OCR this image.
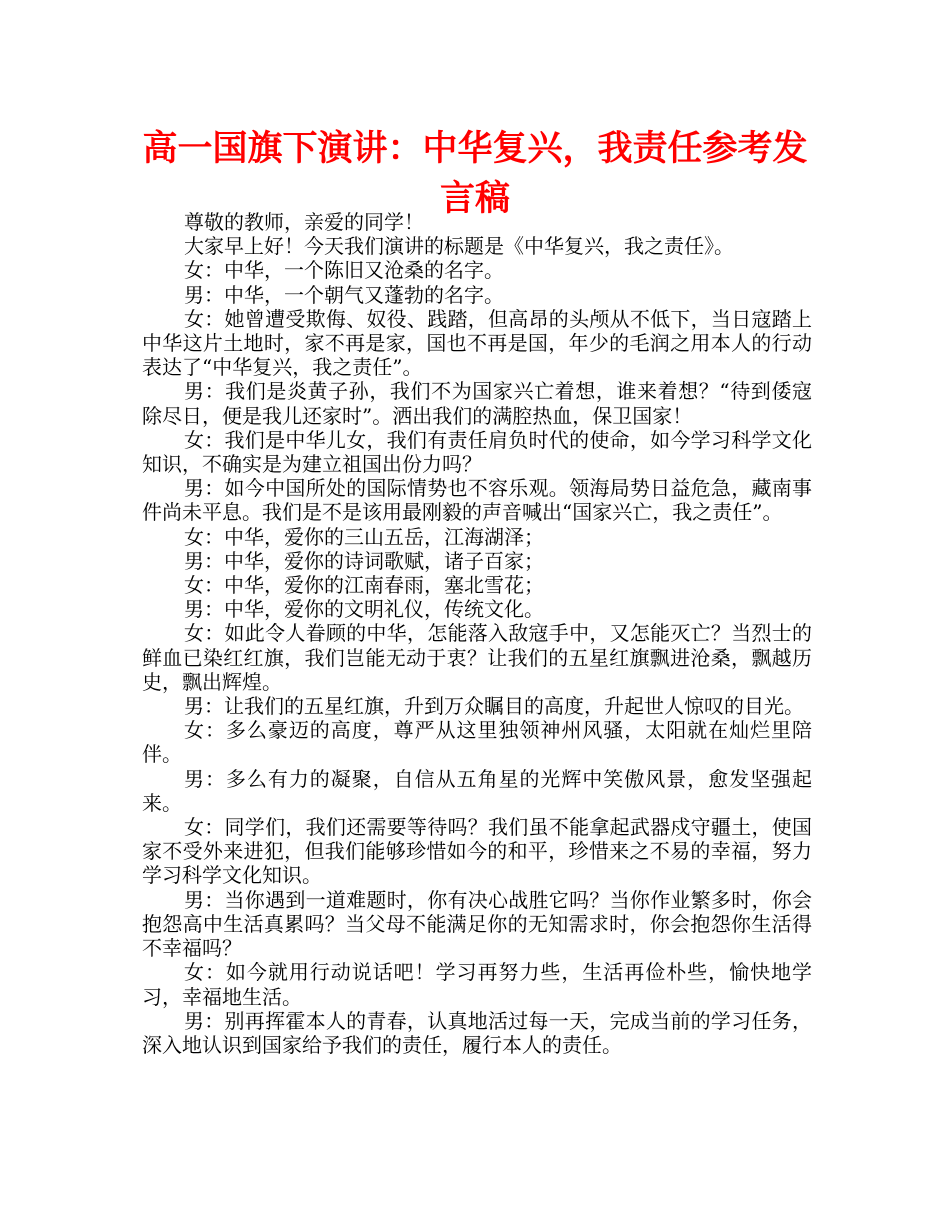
高一国旗下演讲：中华复兴，我责任参考发言稿

尊敬的教师，亲爱的同学！

大家早上好！今天我们演讲的标题是《中华复兴，我之责任》。

女：中华，一个陈旧又沧桑的名字。

男：中华，一个朝气又蓬勃的名字。

女：她曾遭受欺侮、奴役、践踏，但高昂的头颅从不低下，当日寇踏上中华这片土地时，家不再是家，国也不再是国，年少的毛润之用本人的行动表达了“中华复兴，我之责任”。

男：我们是炎黄子孙，我们不为国家兴亡着想，谁来着想？“待到倭寇除尽日，便是我儿还家时”。洒出我们的满腔热血，保卫国家！

女：我们是中华儿女，我们有责任肩负时代的使命，如今学习科学文化知识，不确实是为建立祖国出份力吗？

男：如今中国所处的国际情势也不容乐观。领海局势日益危急，藏南事件尚未平息。我们是不是该用最刚毅的声音喊出“国家兴亡，我之责任”。

女：中华，爱你的三山五岳，江海湖泽；

男：中华，爱你的诗词歌赋，诸子百家；

女：中华，爱你的江南春雨，塞北雪花；

男：中华，爱你的文明礼仪，传统文化。

女：如此令人眷顾的中华，怎能落入敌寇手中，又怎能灭亡？当烈士的鲜血已染红红旗，我们岂能无动于衷？让我们的五星红旗飘进沧桑，飘越历史，飘出辉煌。

男：让我们的五星红旗，升到万众瞩目的高度，升起世人惊叹的目光。

女：多么豪迈的高度，尊严从这里独领神州风骚，太阳就在灿烂里陪伴。

男：多么有力的凝聚，自信从五角星的光辉中笑傲风景，愈发坚强起来。

女：同学们，我们还需要等待吗？我们虽不能拿起武器戍守疆土，使国家不受外来进犯，但我们能够珍惜如今的和平，珍惜来之不易的幸福，努力学习科学文化知识。

男：当你遇到一道难题时，你有决心战胜它吗？当你作业繁多时，你会抱怨高中生活真累吗？当父母不能满足你的无知需求时，你会抱怨你生活得不幸福吗？

女：如今就用行动说话吧！学习再努力些，生活再俭朴些，愉快地学习，幸福地生活。

男：别再挥霍本人的青春，认真地活过每一天，完成当前的学习任务，深入地认识到国家给予我们的责任，履行本人的责任。
